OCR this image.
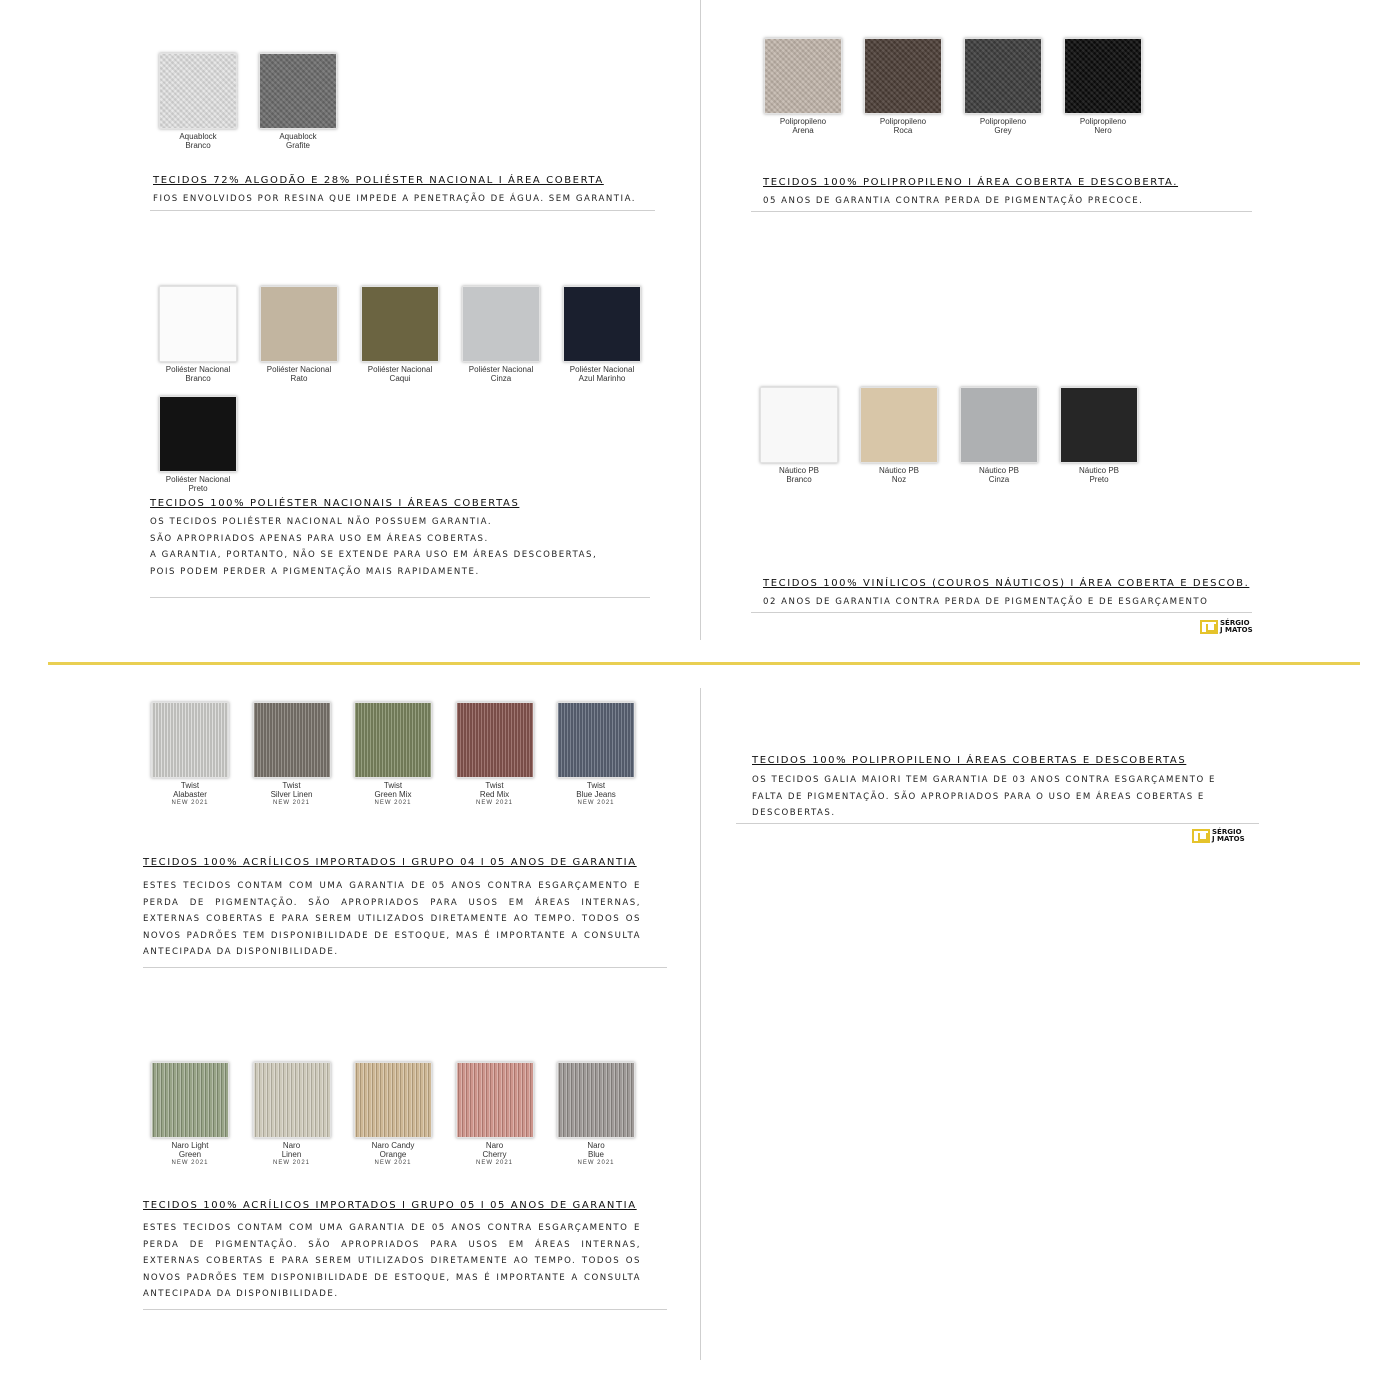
Aquablock
Branco
Aquablock
Grafite
TECIDOS 72% ALGODÃO E 28% POLIÉSTER NACIONAL I ÁREA COBERTA
FIOS ENVOLVIDOS POR RESINA QUE IMPEDE A PENETRAÇÃO DE ÁGUA. SEM GARANTIA.
Polipropileno
Arena
Polipropileno
Roca
Polipropileno
Grey
Polipropileno
Nero
TECIDOS 100% POLIPROPILENO I ÁREA COBERTA E DESCOBERTA.
05 ANOS DE GARANTIA CONTRA PERDA DE PIGMENTAÇÃO PRECOCE.
Poliéster Nacional
Branco
Poliéster Nacional
Rato
Poliéster Nacional
Caqui
Poliéster Nacional
Cinza
Poliéster Nacional
Azul Marinho
Poliéster Nacional
Preto
TECIDOS 100% POLIÉSTER NACIONAIS I ÁREAS COBERTAS
OS TECIDOS POLIÉSTER NACIONAL NÃO POSSUEM GARANTIA.
SÃO APROPRIADOS APENAS PARA USO EM ÁREAS COBERTAS.
A GARANTIA, PORTANTO, NÃO SE EXTENDE PARA USO EM ÁREAS DESCOBERTAS,
POIS PODEM PERDER A PIGMENTAÇÃO MAIS RAPIDAMENTE.
Náutico PB
Branco
Náutico PB
Noz
Náutico PB
Cinza
Náutico PB
Preto
TECIDOS 100% VINÍLICOS (COUROS NÁUTICOS) I ÁREA COBERTA E DESCOB.
02 ANOS DE GARANTIA CONTRA PERDA DE PIGMENTAÇÃO E DE ESGARÇAMENTO
SÉRGIO
J MATOS
Twist
Alabaster
NEW 2021
Twist
Silver Linen
NEW 2021
Twist
Green Mix
NEW 2021
Twist
Red Mix
NEW 2021
Twist
Blue Jeans
NEW 2021
TECIDOS 100% ACRÍLICOS IMPORTADOS I GRUPO 04 I 05 ANOS DE GARANTIA
ESTES TECIDOS CONTAM COM UMA GARANTIA DE 05 ANOS CONTRA ESGARÇAMENTO E PERDA DE PIGMENTAÇÃO. SÃO APROPRIADOS PARA USOS EM ÁREAS INTERNAS, EXTERNAS COBERTAS E PARA SEREM UTILIZADOS DIRETAMENTE AO TEMPO. TODOS OS NOVOS PADRÕES TEM DISPONIBILIDADE DE ESTOQUE, MAS É IMPORTANTE A CONSULTA ANTECIPADA DA DISPONIBILIDADE.
TECIDOS 100% POLIPROPILENO I ÁREAS COBERTAS E DESCOBERTAS
OS TECIDOS GALIA MAIORI TEM GARANTIA DE 03 ANOS CONTRA ESGARÇAMENTO E FALTA DE PIGMENTAÇÃO. SÃO APROPRIADOS PARA O USO EM ÁREAS COBERTAS E DESCOBERTAS.
SÉRGIO
J MATOS
Naro Light
Green
NEW 2021
Naro
Linen
NEW 2021
Naro Candy
Orange
NEW 2021
Naro
Cherry
NEW 2021
Naro
Blue
NEW 2021
TECIDOS 100% ACRÍLICOS IMPORTADOS I GRUPO 05 I 05 ANOS DE GARANTIA
ESTES TECIDOS CONTAM COM UMA GARANTIA DE 05 ANOS CONTRA ESGARÇAMENTO E PERDA DE PIGMENTAÇÃO. SÃO APROPRIADOS PARA USOS EM ÁREAS INTERNAS, EXTERNAS COBERTAS E PARA SEREM UTILIZADOS DIRETAMENTE AO TEMPO. TODOS OS NOVOS PADRÕES TEM DISPONIBILIDADE DE ESTOQUE, MAS É IMPORTANTE A CONSULTA ANTECIPADA DA DISPONIBILIDADE.
